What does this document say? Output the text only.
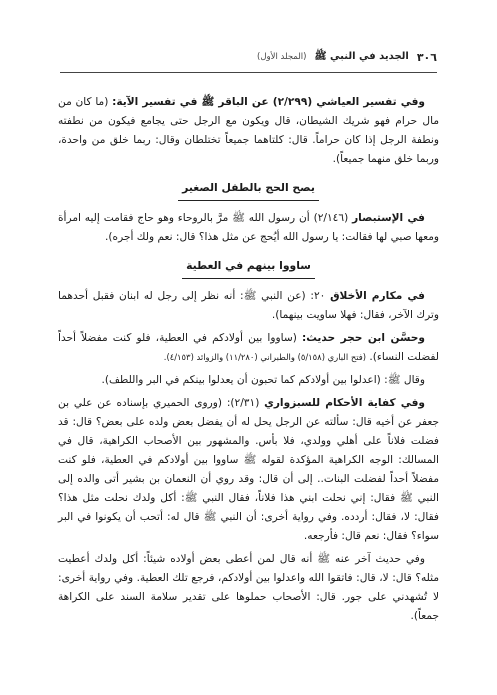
٣٠٦
الجديد في النبي ﷺ
(المجلد الأول)

وفي تفسير العياشي (٢/٢٩٩) عن الباقر ﷺ في تفسير الآية: (ما كان من مال حرام فهو شريك الشيطان، قال ويكون مع الرجل حتى يجامع فيكون من نطفته ونطفة الرجل إذا كان حراماً. قال: كلتاهما جميعاً تختلطان وقال: ربما خلق من واحدة، وربما خلق منهما جميعاً).

يصح الحج بالطفل الصغير

في الإستبصار (٢/١٤٦) أن رسول الله ﷺ مرَّ بالروحاء وهو حاج فقامت إليه امرأة ومعها صبي لها فقالت: يا رسول الله أيُحج عن مثل هذا؟ قال: نعم ولك أجره).

ساووا بينهم في العطية

في مكارم الأخلاق ٢٠: (عن النبي ﷺ: أنه نظر إلى رجل له ابنان فقبل أحدهما وترك الآخر، فقال: فهلا ساويت بينهما).

وحسَّن ابن حجر حديث: (ساووا بين أولادكم في العطية، فلو كنت مفضلاً أحداً لفضلت النساء). (فتح الباري (٥/١٥٨) والطبراني (١١/٢٨٠) والزوائد (٤/١٥٣).

وقال ﷺ: (اعدلوا بين أولادكم كما تحبون أن يعدلوا بينكم في البر واللطف).

وفي كفاية الأحكام للسبزواري (٢/٣١): (وروى الحميري بإسناده عن علي بن جعفر عن أخيه قال: سألته عن الرجل يحل له أن يفضل بعض ولده على بعض؟ قال: قد فضلت فلاناً على أهلي وولدي، فلا بأس. والمشهور بين الأصحاب الكراهية، قال في المسالك: الوجه الكراهية المؤكدة لقوله ﷺ ساووا بين أولادكم في العطية، فلو كنت مفضلاً أحداً لفضلت البنات.. إلى أن قال: وقد روي أن النعمان بن بشير أتى والده إلى النبي ﷺ فقال: إني نحلت ابني هذا فلاناً، فقال النبي ﷺ: أكل ولدك نحلت مثل هذا؟ فقال: لا، فقال: أردده. وفي رواية أخرى: أن النبي ﷺ قال له: أتحب أن يكونوا في البر سواء؟ فقال: نعم قال: فأرجعه.

وفي حديث آخر عنه ﷺ أنه قال لمن أعطى بعض أولاده شيئاً: أكل ولدك أعطيت مثله؟ قال: لا، قال: فاتقوا الله واعدلوا بين أولادكم، فرجع تلك العطية. وفي رواية أخرى: لا تُشهدني على جور. قال: الأصحاب حملوها على تقدير سلامة السند على الكراهة جمعاً).
